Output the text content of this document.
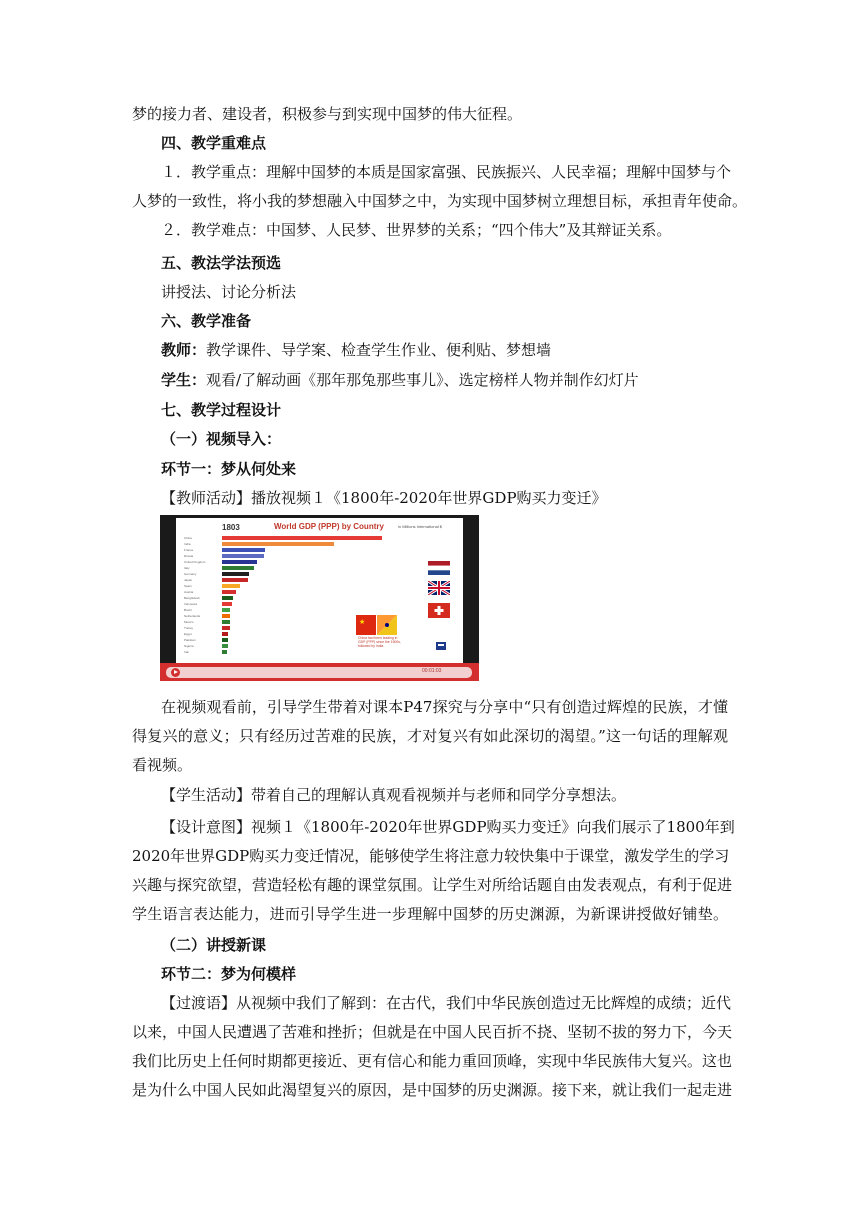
梦的接力者、建设者，积极参与到实现中国梦的伟大征程。
四、教学重难点
１．教学重点：理解中国梦的本质是国家富强、民族振兴、人民幸福；理解中国梦与个
人梦的一致性，将小我的梦想融入中国梦之中，为实现中国梦树立理想目标，承担青年使命。
２．教学难点：中国梦、人民梦、世界梦的关系；“四个伟大”及其辩证关系。
五、教法学法预选
讲授法、讨论分析法
六、教学准备
教师：教学课件、导学案、检查学生作业、便利贴、梦想墙
学生：观看/了解动画《那年那兔那些事儿》、选定榜样人物并制作幻灯片
七、教学过程设计
（一）视频导入：
环节一：梦从何处来
【教师活动】播放视频１《1800年-2020年世界GDP购买力变迁》
1803	World GDP (PPP) by Country	in Millions International $
China
India
France
Russia
United Kingdom
Italy
Germany
Japan
Spain
Austria
Bangladesh
Indonesia
Brazil
Netherlands
Mexico
Turkey
Egypt
Pakistan
Nigeria
Iran
★
China had been leading in GDP (PPP) since the 1500s, followed by India
00:01:03
在视频观看前，引导学生带着对课本P47探究与分享中“只有创造过辉煌的民族，才懂
得复兴的意义；只有经历过苦难的民族，才对复兴有如此深切的渴望。”这一句话的理解观
看视频。
【学生活动】带着自己的理解认真观看视频并与老师和同学分享想法。
【设计意图】视频１《1800年-2020年世界GDP购买力变迁》向我们展示了1800年到
2020年世界GDP购买力变迁情况，能够使学生将注意力较快集中于课堂，激发学生的学习
兴趣与探究欲望，营造轻松有趣的课堂氛围。让学生对所给话题自由发表观点，有利于促进
学生语言表达能力，进而引导学生进一步理解中国梦的历史渊源，为新课讲授做好铺垫。
（二）讲授新课
环节二：梦为何模样
【过渡语】从视频中我们了解到：在古代，我们中华民族创造过无比辉煌的成绩；近代
以来，中国人民遭遇了苦难和挫折；但就是在中国人民百折不挠、坚韧不拔的努力下，今天
我们比历史上任何时期都更接近、更有信心和能力重回顶峰，实现中华民族伟大复兴。这也
是为什么中国人民如此渴望复兴的原因，是中国梦的历史渊源。接下来，就让我们一起走进
